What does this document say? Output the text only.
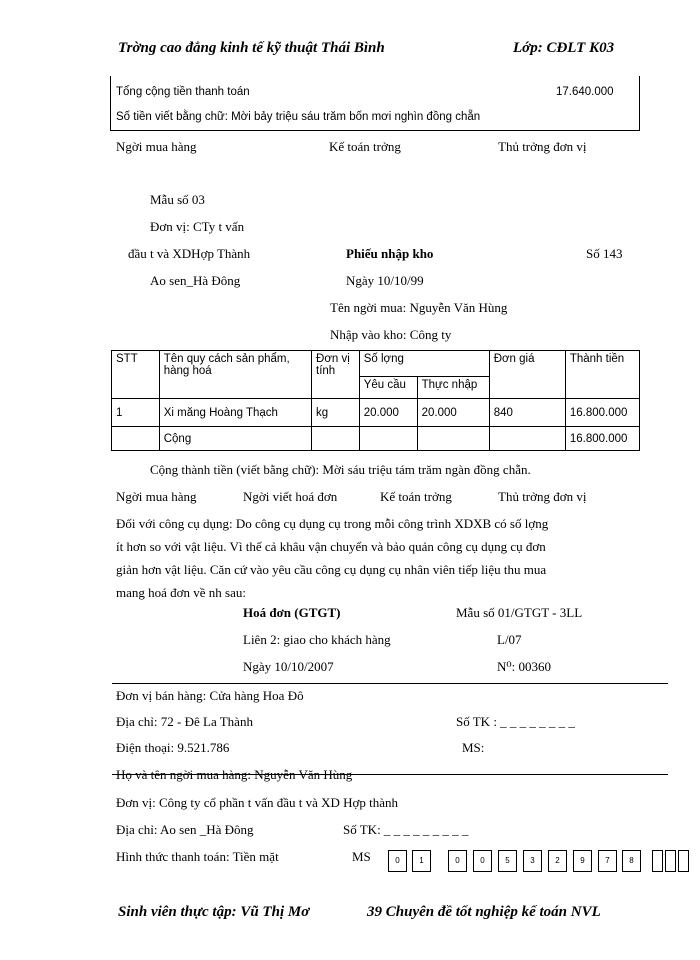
Trờng cao đẳng kinh tế kỹ thuật Thái Bình	Lớp: CĐLT K03
Tổng cộng tiền thanh toán	17.640.000
Số tiền viết bằng chữ: Mời bảy triệu sáu trăm bốn mơi nghìn đồng chẵn
Ngời mua hàng	Kế toán trởng	Thủ trởng đơn vị
Mẫu số 03
Đơn vị: CTy t vấn
đầu t và XDHợp Thành
Ao sen_Hà Đông
Phiếu nhập kho	Số 143
Ngày 10/10/99
Tên ngời mua: Nguyễn Văn Hùng
Nhập vào kho: Công ty
STT	Tên quy cách sản phẩm, hàng hoá	Đơn vị tính	Số lợng		Đơn giá	Thành tiền
			Yêu cầu	Thực nhập		
1	Xi măng Hoàng Thạch	kg	20.000	20.000	840	16.800.000
	Cộng					16.800.000
Cộng thành tiền (viết bằng chữ): Mời sáu triệu tám trăm ngàn đồng chẵn.
Ngời mua hàng	Ngời viết hoá đơn	Kế toán trởng	Thủ trởng đơn vị
Đối với công cụ dụng: Do công cụ dụng cụ trong mỗi công trình XDXB có số lợng
ít hơn so với vật liệu. Vì thế cả khâu vận chuyển và bảo quản công cụ dụng cụ đơn
giản hơn vật liệu. Căn cứ vào yêu cầu công cụ dụng cụ nhân viên tiếp liệu thu mua
mang hoá đơn về nh sau:
Hoá đơn (GTGT)	Mẫu số 01/GTGT - 3LL
Liên 2: giao cho khách hàng	L/07
Ngày 10/10/2007	N⁰: 00360
Đơn vị bán hàng: Cửa hàng Hoa Đô
Địa chỉ: 72 - Đê La Thành	Số TK : _ _ _ _ _ _ _ _
Điện thoại: 9.521.786	MS:
Họ và tên ngời mua hàng: Nguyễn Văn Hùng
Đơn vị: Công ty cổ phần t vấn đầu t và XD Hợp thành
Địa chỉ: Ao sen _Hà Đông	Số TK: _ _ _ _ _ _ _ _ _
Hình thức thanh toán: Tiền mặt	MS	0	1	0	0	5	3	2	9	7	8
Sinh viên thực tập: Vũ Thị Mơ	39 Chuyên đề tốt nghiệp kế toán NVL
